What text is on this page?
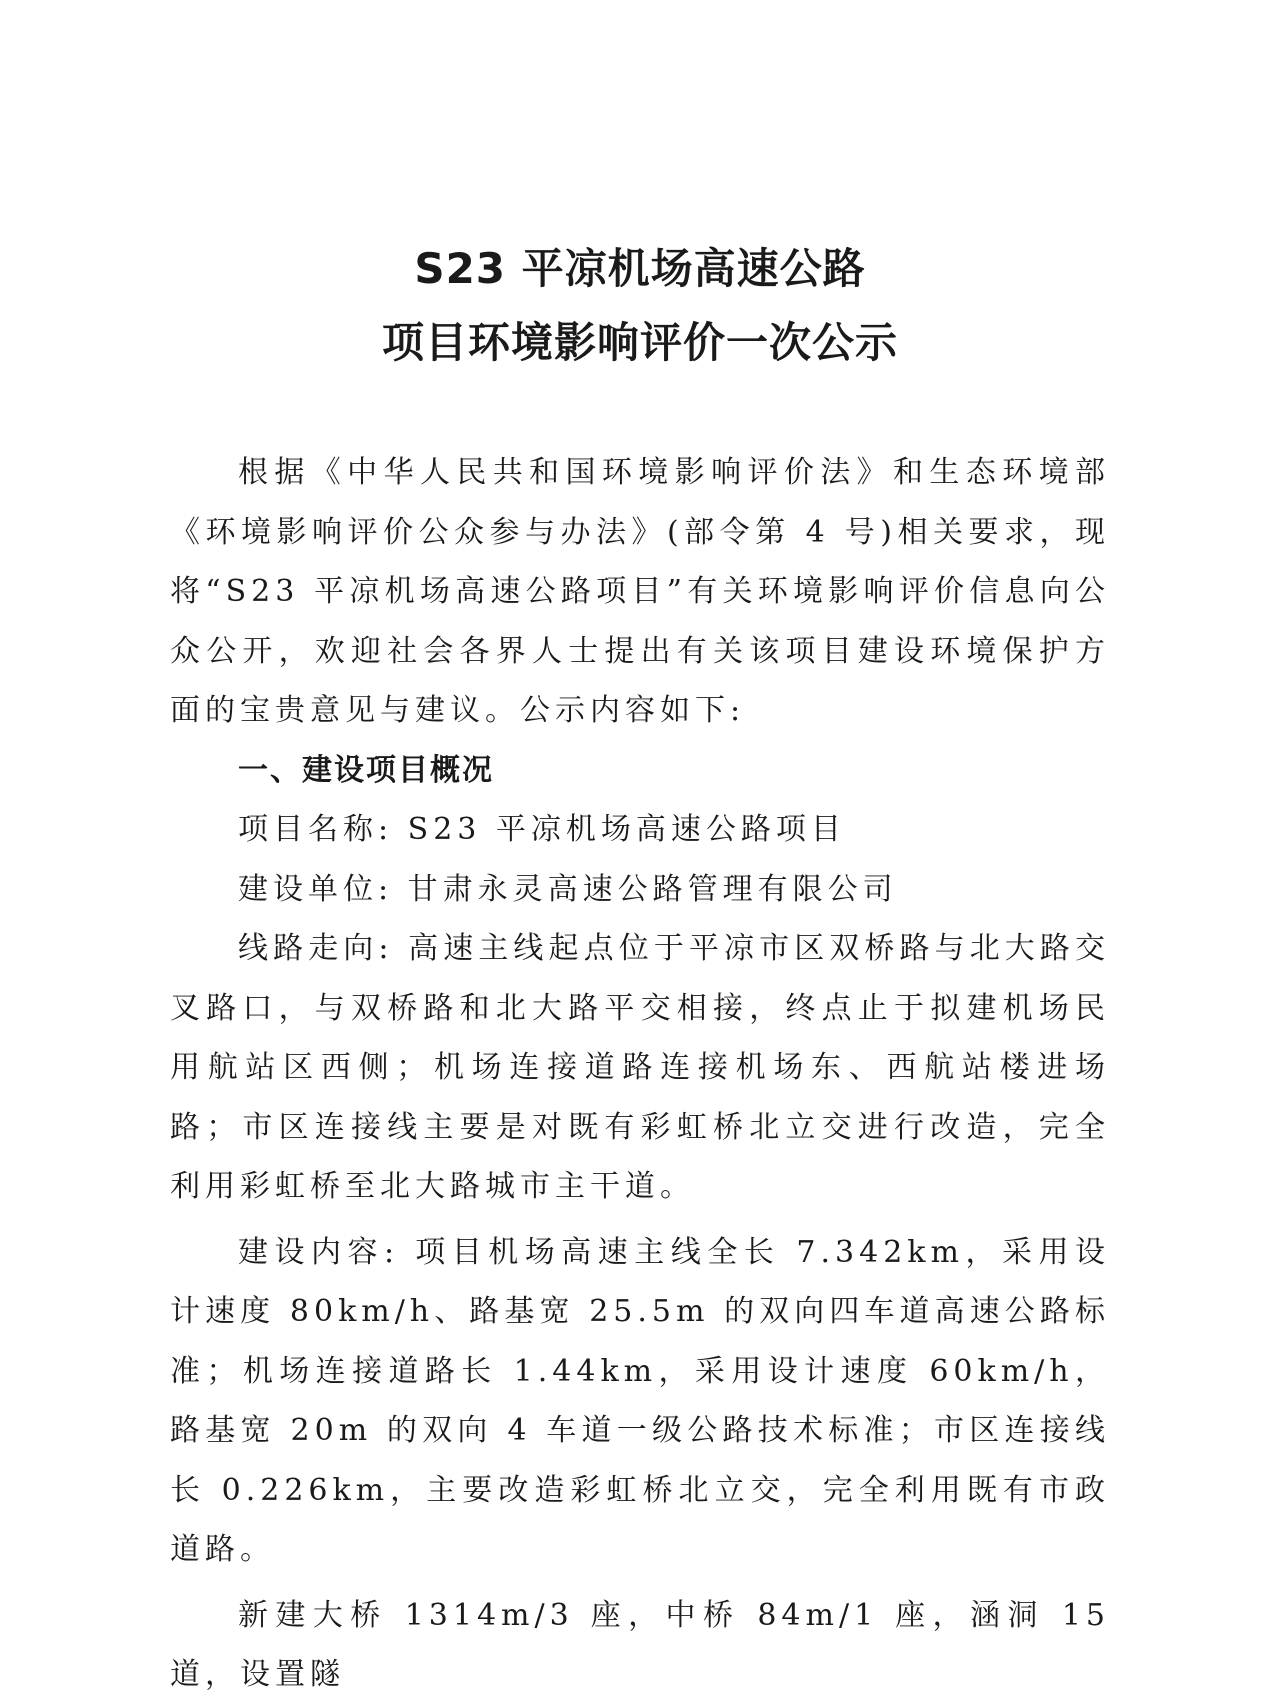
S23 平凉机场高速公路
项目环境影响评价一次公示

根据《中华人民共和国环境影响评价法》和生态环境部《环境影响评价公众参与办法》(部令第 4 号)相关要求，现将“S23 平凉机场高速公路项目”有关环境影响评价信息向公众公开，欢迎社会各界人士提出有关该项目建设环境保护方面的宝贵意见与建议。公示内容如下:

一、建设项目概况

项目名称: S23 平凉机场高速公路项目

建设单位: 甘肃永灵高速公路管理有限公司

线路走向: 高速主线起点位于平凉市区双桥路与北大路交叉路口，与双桥路和北大路平交相接，终点止于拟建机场民用航站区西侧；机场连接道路连接机场东、西航站楼进场路；市区连接线主要是对既有彩虹桥北立交进行改造，完全利用彩虹桥至北大路城市主干道。

建设内容: 项目机场高速主线全长 7.342km，采用设计速度 80km/h、路基宽 25.5m 的双向四车道高速公路标准；机场连接道路长 1.44km，采用设计速度 60km/h，路基宽 20m 的双向 4 车道一级公路技术标准；市区连接线长 0.226km，主要改造彩虹桥北立交，完全利用既有市政道路。

新建大桥 1314m/3 座，中桥 84m/1 座，涵洞 15 道，设置隧
